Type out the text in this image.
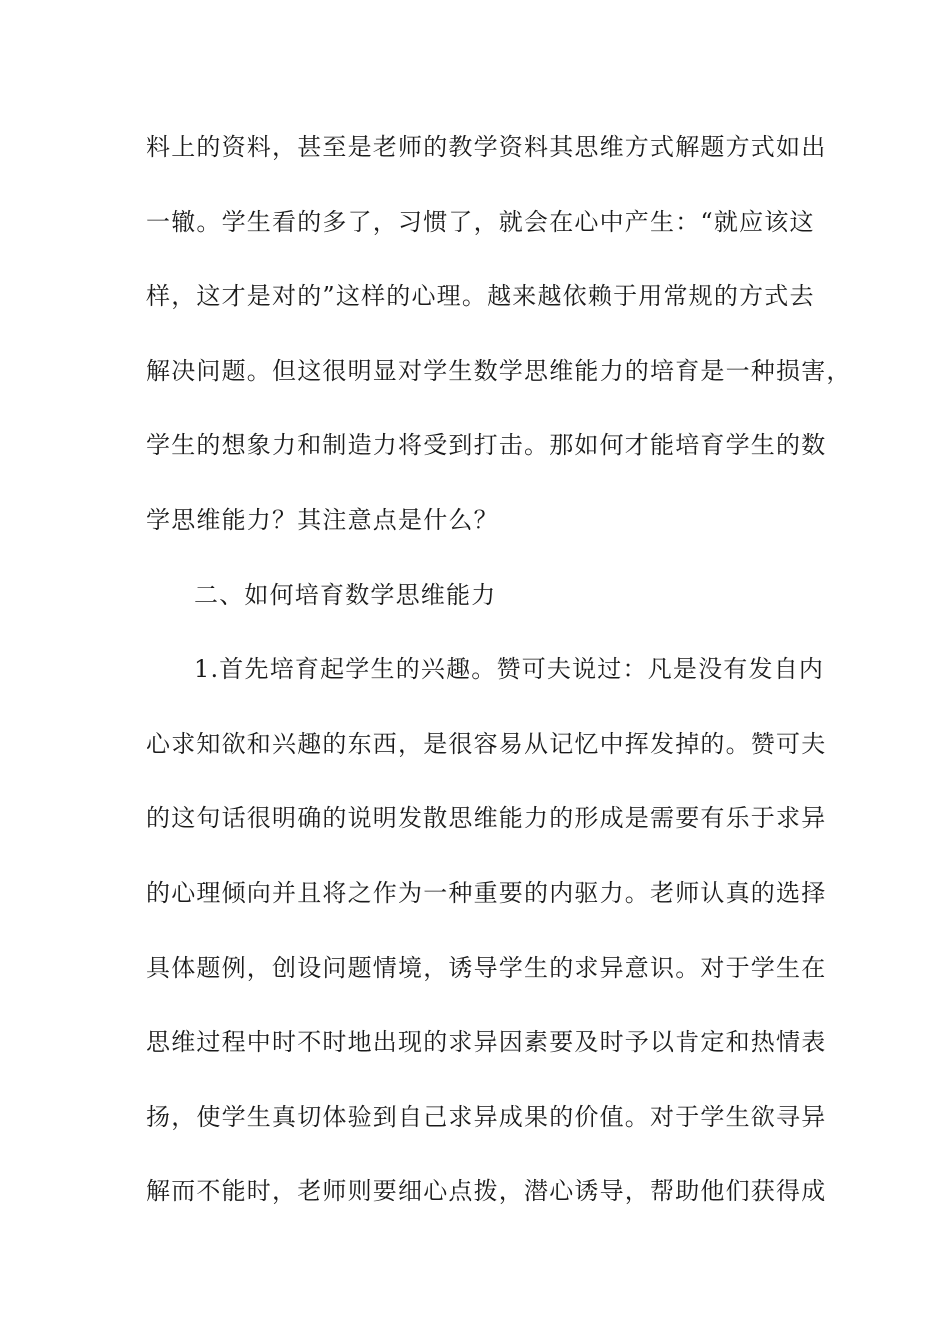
料上的资料，甚至是老师的教学资料其思维方式解题方式如出
一辙。学生看的多了，习惯了，就会在心中产生：“就应该这
样，这才是对的”这样的心理。越来越依赖于用常规的方式去
解决问题。但这很明显对学生数学思维能力的培育是一种损害，
学生的想象力和制造力将受到打击。那如何才能培育学生的数
学思维能力？其注意点是什么？
二、如何培育数学思维能力
1.首先培育起学生的兴趣。赞可夫说过：凡是没有发自内
心求知欲和兴趣的东西，是很容易从记忆中挥发掉的。赞可夫
的这句话很明确的说明发散思维能力的形成是需要有乐于求异
的心理倾向并且将之作为一种重要的内驱力。老师认真的选择
具体题例，创设问题情境，诱导学生的求异意识。对于学生在
思维过程中时不时地出现的求异因素要及时予以肯定和热情表
扬，使学生真切体验到自己求异成果的价值。对于学生欲寻异
解而不能时，老师则要细心点拨，潜心诱导，帮助他们获得成
